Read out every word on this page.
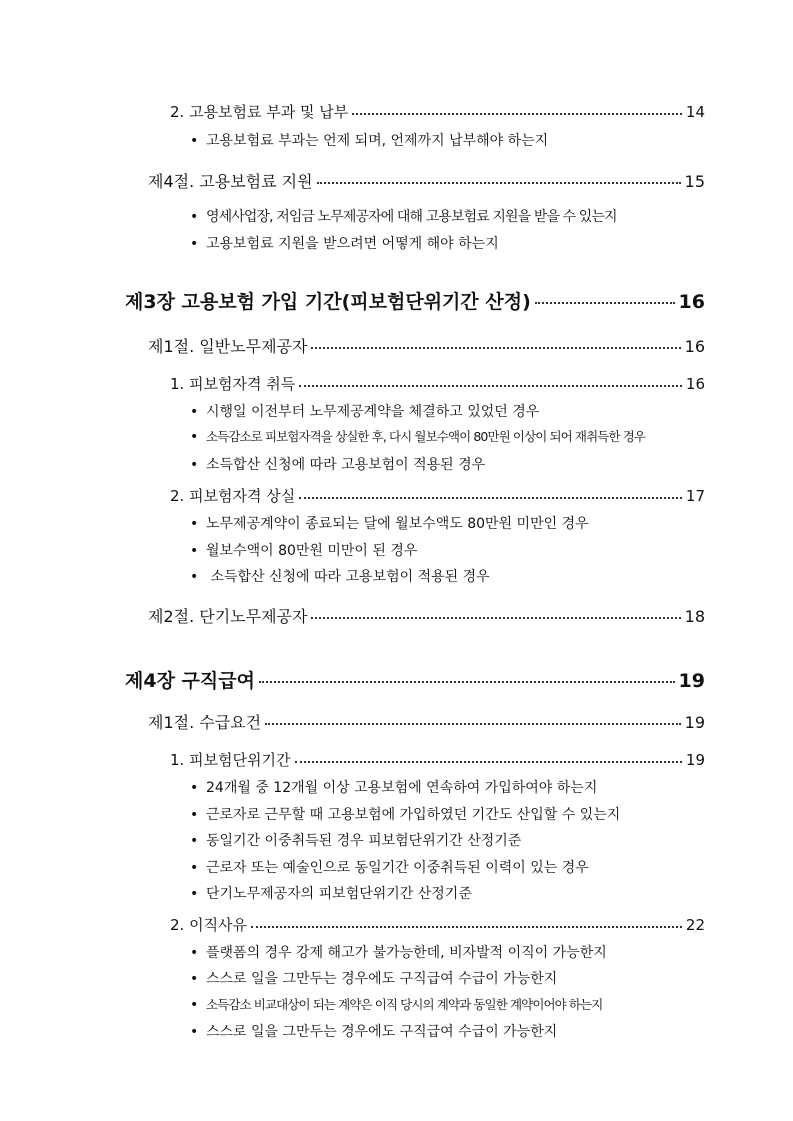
2. 고용보험료 부과 및 납부	14
• 고용보험료 부과는 언제 되며, 언제까지 납부해야 하는지
제4절. 고용보험료 지원	15
• 영세사업장, 저임금 노무제공자에 대해 고용보험료 지원을 받을 수 있는지
• 고용보험료 지원을 받으려면 어떻게 해야 하는지
제3장 고용보험 가입 기간(피보험단위기간 산정)	16
제1절. 일반노무제공자	16
1. 피보험자격 취득	16
• 시행일 이전부터 노무제공계약을 체결하고 있었던 경우
• 소득감소로 피보험자격을 상실한 후, 다시 월보수액이 80만원 이상이 되어 재취득한 경우
• 소득합산 신청에 따라 고용보험이 적용된 경우
2. 피보험자격 상실	17
• 노무제공계약이 종료되는 달에 월보수액도 80만원 미만인 경우
• 월보수액이 80만원 미만이 된 경우
• 소득합산 신청에 따라 고용보험이 적용된 경우
제2절. 단기노무제공자	18
제4장 구직급여	19
제1절. 수급요건	19
1. 피보험단위기간	19
• 24개월 중 12개월 이상 고용보험에 연속하여 가입하여야 하는지
• 근로자로 근무할 때 고용보험에 가입하였던 기간도 산입할 수 있는지
• 동일기간 이중취득된 경우 피보험단위기간 산정기준
• 근로자 또는 예술인으로 동일기간 이중취득된 이력이 있는 경우
• 단기노무제공자의 피보험단위기간 산정기준
2. 이직사유	22
• 플랫폼의 경우 강제 해고가 불가능한데, 비자발적 이직이 가능한지
• 스스로 일을 그만두는 경우에도 구직급여 수급이 가능한지
• 소득감소 비교대상이 되는 계약은 이직 당시의 계약과 동일한 계약이어야 하는지
• 스스로 일을 그만두는 경우에도 구직급여 수급이 가능한지
